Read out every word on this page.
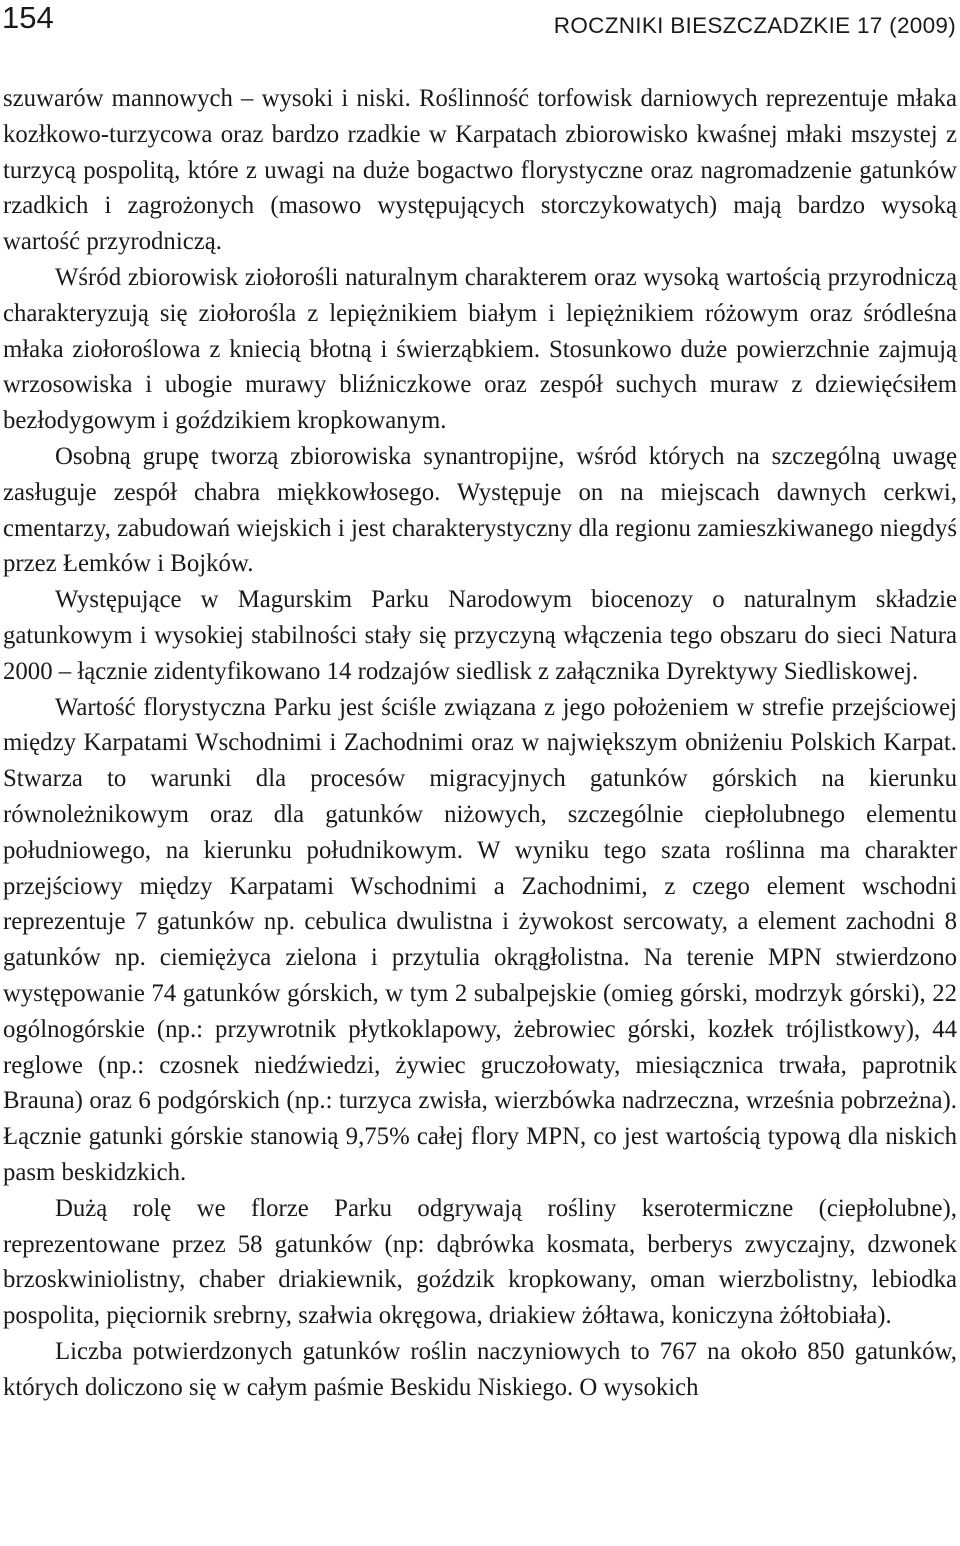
154	ROCZNIKI BIESZCZADZKIE 17 (2009)

szuwarów mannowych – wysoki i niski. Roślinność torfowisk darniowych reprezentuje młaka kozłkowo-turzycowa oraz bardzo rzadkie w Karpatach zbiorowisko kwaśnej młaki mszystej z turzycą pospolitą, które z uwagi na duże bogactwo florystyczne oraz nagromadzenie gatunków rzadkich i zagrożonych (masowo występujących storczykowatych) mają bardzo wysoką wartość przyrodniczą.

Wśród zbiorowisk ziołorośli naturalnym charakterem oraz wysoką wartością przyrodniczą charakteryzują się ziołorośla z lepiężnikiem białym i lepiężnikiem różowym oraz śródleśna młaka ziołoroślowa z kniecią błotną i świerząbkiem. Stosunkowo duże powierzchnie zajmują wrzosowiska i ubogie murawy bliźniczkowe oraz zespół suchych muraw z dziewięćsiłem bezłodygowym i goździkiem kropkowanym.

Osobną grupę tworzą zbiorowiska synantropijne, wśród których na szczególną uwagę zasługuje zespół chabra miękkowłosego. Występuje on na miejscach dawnych cerkwi, cmentarzy, zabudowań wiejskich i jest charakterystyczny dla regionu zamieszkiwanego niegdyś przez Łemków i Bojków.

Występujące w Magurskim Parku Narodowym biocenozy o naturalnym składzie gatunkowym i wysokiej stabilności stały się przyczyną włączenia tego obszaru do sieci Natura 2000 – łącznie zidentyfikowano 14 rodzajów siedlisk z załącznika Dyrektywy Siedliskowej.

Wartość florystyczna Parku jest ściśle związana z jego położeniem w strefie przejściowej między Karpatami Wschodnimi i Zachodnimi oraz w największym obniżeniu Polskich Karpat. Stwarza to warunki dla procesów migracyjnych gatunków górskich na kierunku równoleżnikowym oraz dla gatunków niżowych, szczególnie ciepłolubnego elementu południowego, na kierunku południkowym. W wyniku tego szata roślinna ma charakter przejściowy między Karpatami Wschodnimi a Zachodnimi, z czego element wschodni reprezentuje 7 gatunków np. cebulica dwulistna i żywokost sercowaty, a element zachodni 8 gatunków np. ciemiężyca zielona i przytulia okrągłolistna. Na terenie MPN stwierdzono występowanie 74 gatunków górskich, w tym 2 subalpejskie (omieg górski, modrzyk górski), 22 ogólnogórskie (np.: przywrotnik płytkoklapowy, żebrowiec górski, kozłek trójlistkowy), 44 reglowe (np.: czosnek niedźwiedzi, żywiec gruczołowaty, miesiącznica trwała, paprotnik Brauna) oraz 6 podgórskich (np.: turzyca zwisła, wierzbówka nadrzeczna, września pobrzeżna). Łącznie gatunki górskie stanowią 9,75% całej flory MPN, co jest wartością typową dla niskich pasm beskidzkich.

Dużą rolę we florze Parku odgrywają rośliny kserotermiczne (ciepłolubne), reprezentowane przez 58 gatunków (np: dąbrówka kosmata, berberys zwyczajny, dzwonek brzoskwiniolistny, chaber driakiewnik, goździk kropkowany, oman wierzbolistny, lebiodka pospolita, pięciornik srebrny, szałwia okręgowa, driakiew żółtawa, koniczyna żółtobiała).

Liczba potwierdzonych gatunków roślin naczyniowych to 767 na około 850 gatunków, których doliczono się w całym paśmie Beskidu Niskiego. O wysokich
